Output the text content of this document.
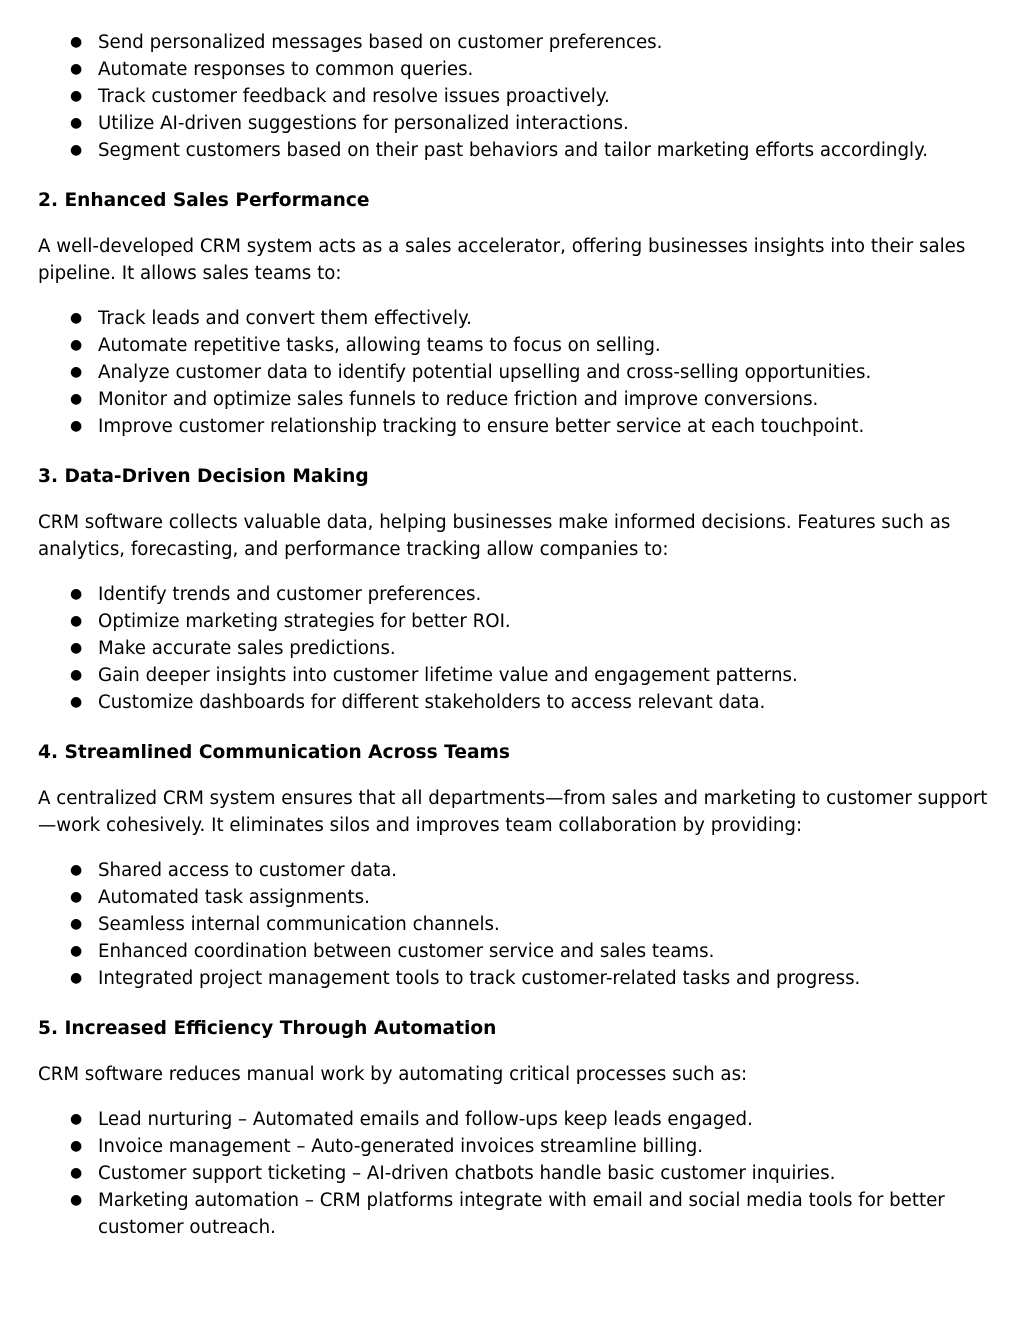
● Send personalized messages based on customer preferences.
● Automate responses to common queries.
● Track customer feedback and resolve issues proactively.
● Utilize AI-driven suggestions for personalized interactions.
● Segment customers based on their past behaviors and tailor marketing efforts accordingly.
2. Enhanced Sales Performance

A well-developed CRM system acts as a sales accelerator, offering businesses insights into their sales pipeline. It allows sales teams to:

● Track leads and convert them effectively.
● Automate repetitive tasks, allowing teams to focus on selling.
● Analyze customer data to identify potential upselling and cross-selling opportunities.
● Monitor and optimize sales funnels to reduce friction and improve conversions.
● Improve customer relationship tracking to ensure better service at each touchpoint.
3. Data-Driven Decision Making

CRM software collects valuable data, helping businesses make informed decisions. Features such as analytics, forecasting, and performance tracking allow companies to:

● Identify trends and customer preferences.
● Optimize marketing strategies for better ROI.
● Make accurate sales predictions.
● Gain deeper insights into customer lifetime value and engagement patterns.
● Customize dashboards for different stakeholders to access relevant data.
4. Streamlined Communication Across Teams

A centralized CRM system ensures that all departments—from sales and marketing to customer support—work cohesively. It eliminates silos and improves team collaboration by providing:

● Shared access to customer data.
● Automated task assignments.
● Seamless internal communication channels.
● Enhanced coordination between customer service and sales teams.
● Integrated project management tools to track customer-related tasks and progress.
5. Increased Efficiency Through Automation

CRM software reduces manual work by automating critical processes such as:

● Lead nurturing – Automated emails and follow-ups keep leads engaged.
● Invoice management – Auto-generated invoices streamline billing.
● Customer support ticketing – AI-driven chatbots handle basic customer inquiries.
● Marketing automation – CRM platforms integrate with email and social media tools for better customer outreach.
